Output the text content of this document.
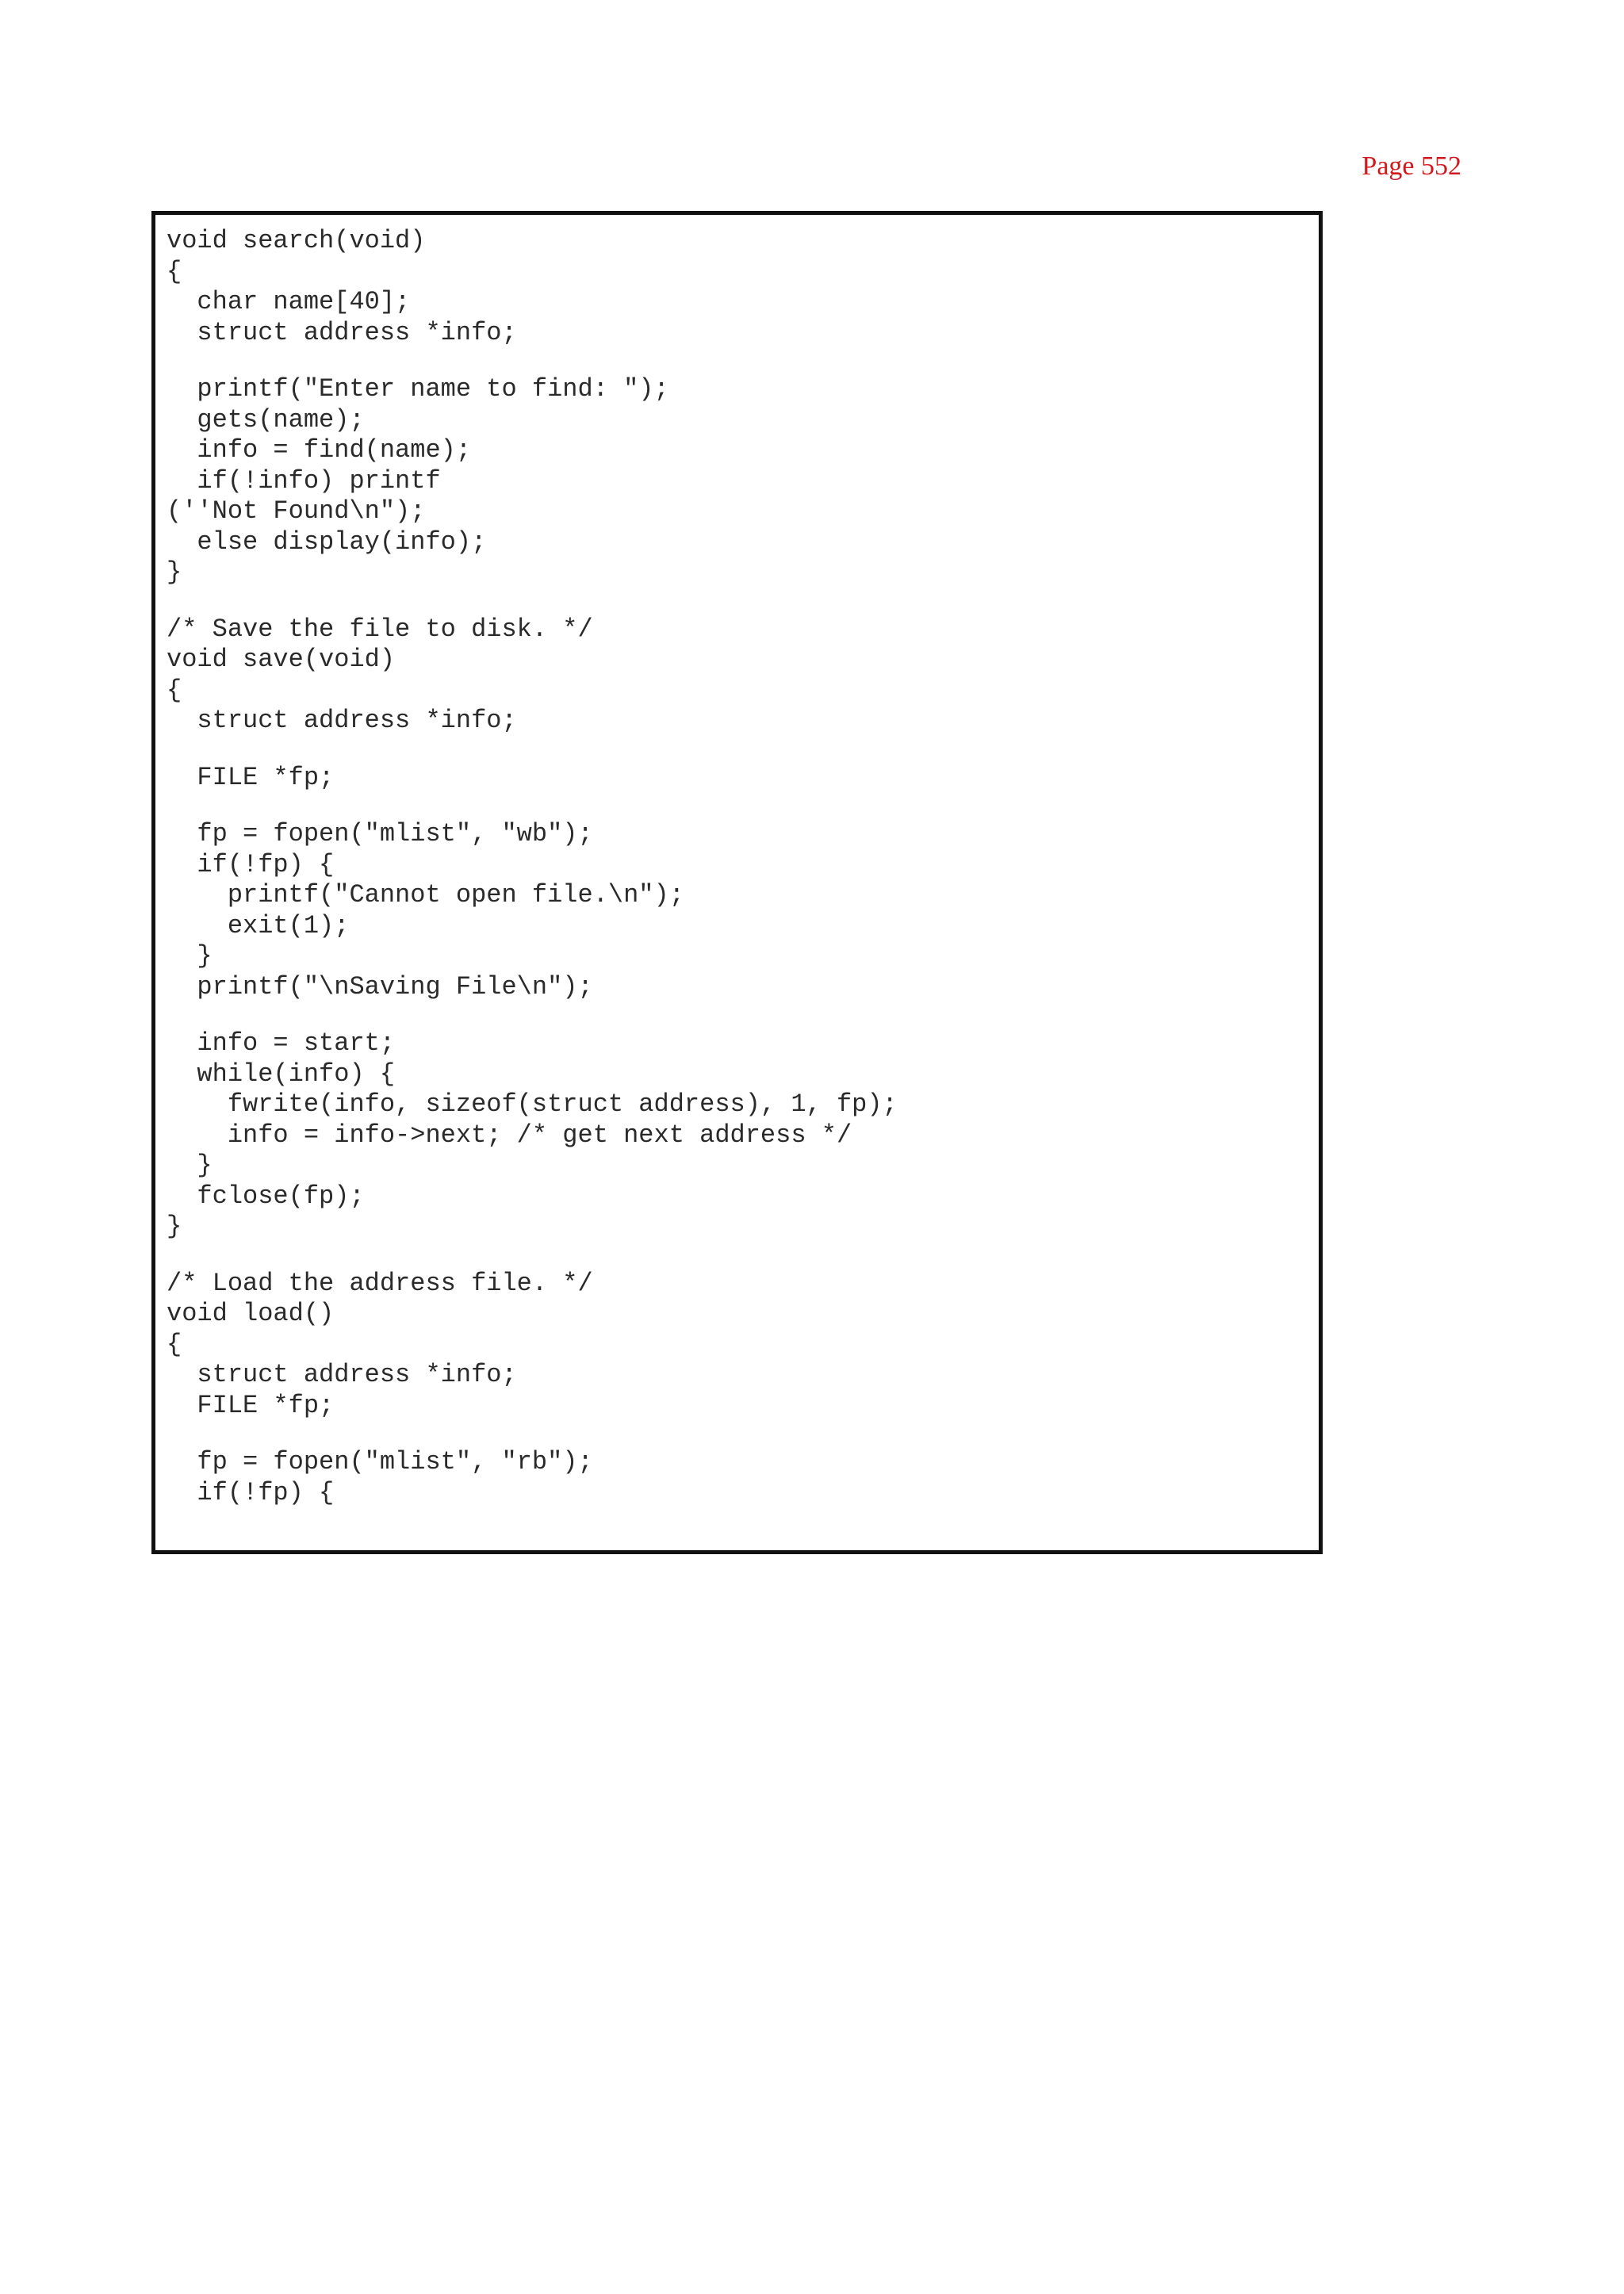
Page 552
void search(void)
{
char name[40];
struct address *info;
printf("Enter name to find: ");
gets(name);
info = find(name);
if(!info) printf
(''Not Found\n");
else display(info);
}
/* Save the file to disk. */
void save(void)
{
struct address *info;
FILE *fp;
fp = fopen("mlist", "wb");
if(!fp) {
printf("Cannot open file.\n");
exit(1);
}
printf("\nSaving File\n");
info = start;
while(info) {
fwrite(info, sizeof(struct address), 1, fp);
info = info->next; /* get next address */
}
fclose(fp);
}
/* Load the address file. */
void load()
{
struct address *info;
FILE *fp;
fp = fopen("mlist", "rb");
if(!fp) {
